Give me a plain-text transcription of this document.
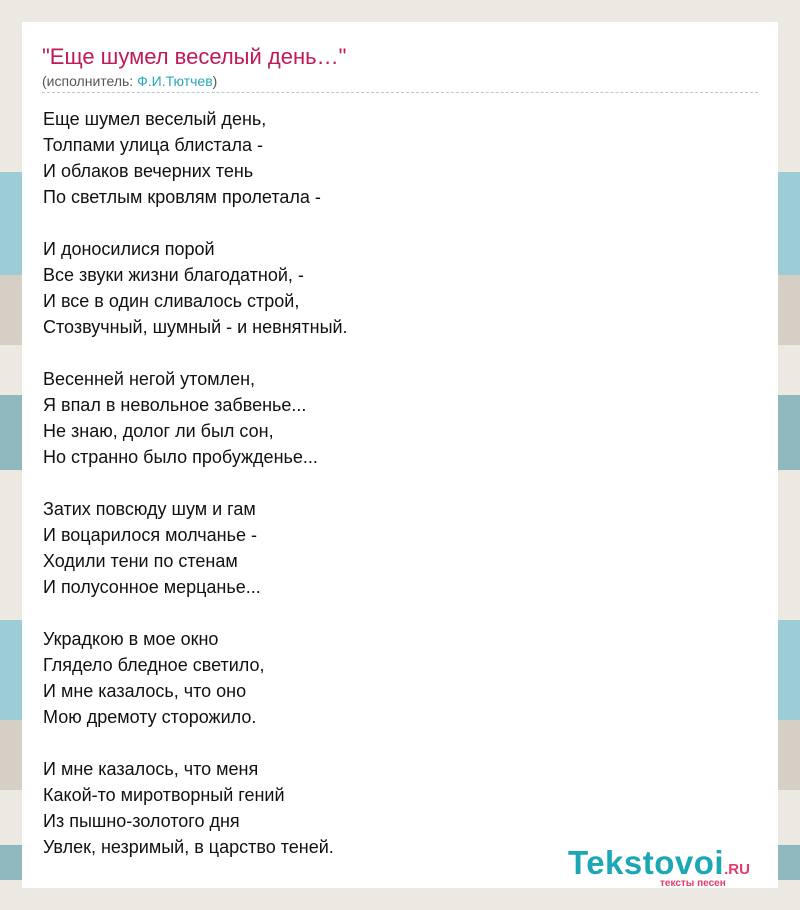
"Еще шумел веселый день…"
(исполнитель: Ф.И.Тютчев)
Еще шумел веселый день,
Толпами улица блистала -
И облаков вечерних тень
По светлым кровлям пролетала -
И доносилися порой
Все звуки жизни благодатной, -
И все в один сливалось строй,
Стозвучный, шумный - и невнятный.
Весенней негой утомлен,
Я впал в невольное забвенье...
Не знаю, долог ли был сон,
Но странно было пробужденье...
Затих повсюду шум и гам
И воцарилося молчанье -
Ходили тени по стенам
И полусонное мерцанье...
Украдкою в мое окно
Глядело бледное светило,
И мне казалось, что оно
Мою дремоту сторожило.
И мне казалось, что меня
Какой-то миротворный гений
Из пышно-золотого дня
Увлек, незримый, в царство теней.	Tekstovoi.RU
тексты песен
